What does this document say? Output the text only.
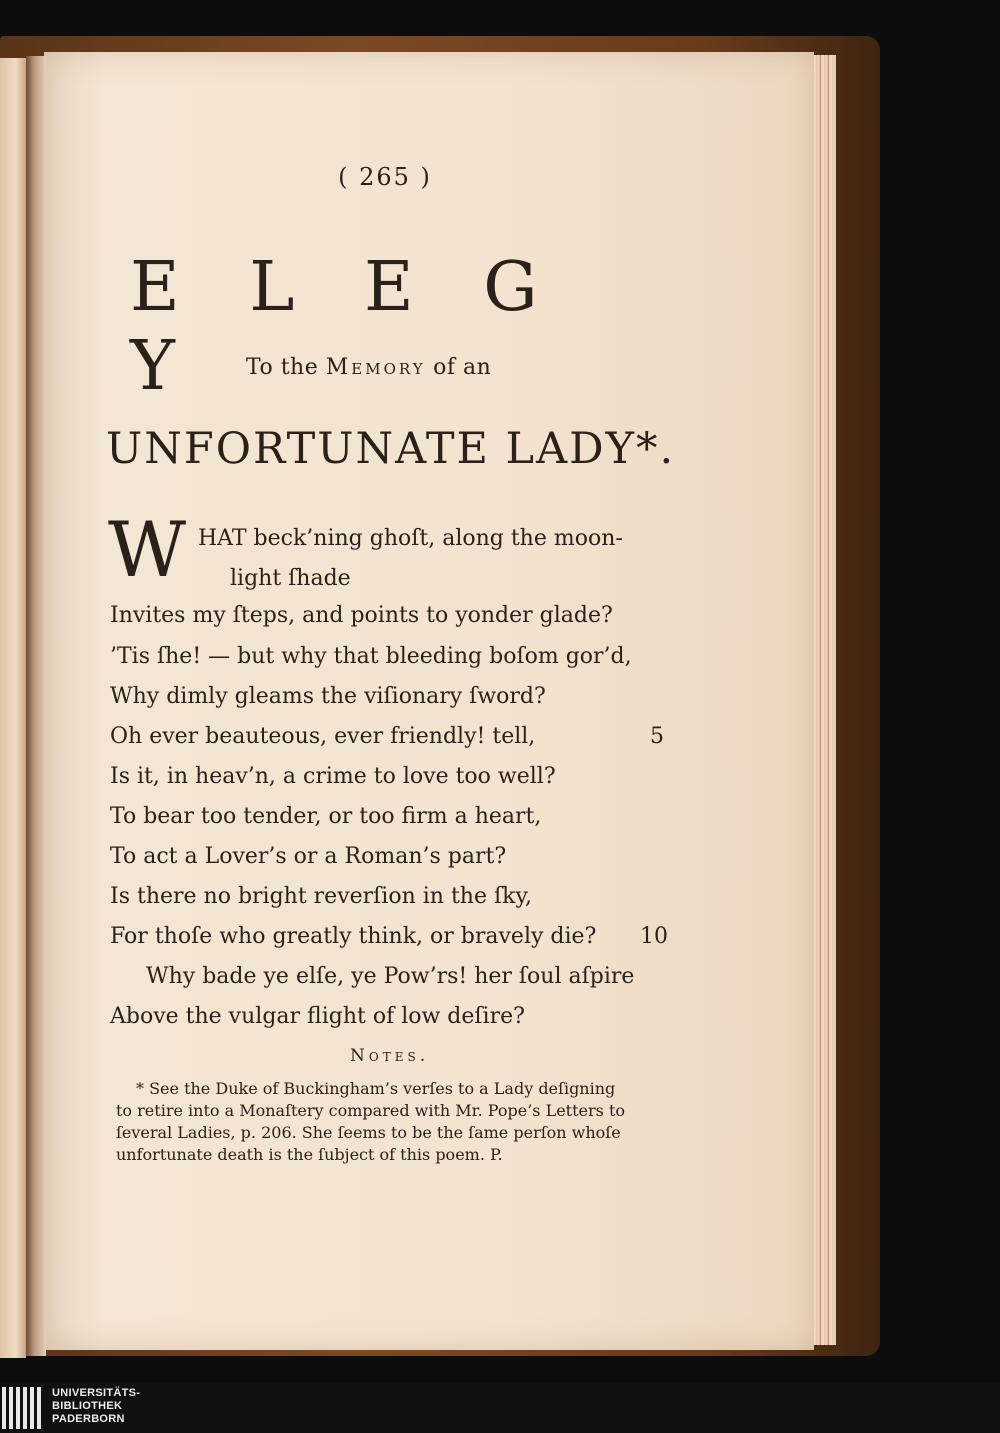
( 265 )
E L E G Y	To the Memory of an
UNFORTUNATE LADY*.
W HAT beck’ning ghoſt, along the moon-
light ſhade
Invites my ſteps, and points to yonder glade?
’Tis ſhe! — but why that bleeding boſom gor’d,
Why dimly gleams the viſionary ſword?
Oh ever beauteous, ever friendly! tell,	5
Is it, in heav’n, a crime to love too well?
To bear too tender, or too firm a heart,
To act a Lover’s or a Roman’s part?
Is there no bright reverſion in the ſky,
For thoſe who greatly think, or bravely die? 10
Why bade ye elſe, ye Pow’rs! her ſoul aſpire
Above the vulgar flight of low deſire?
Notes.
* See the Duke of Buckingham’s verſes to a Lady deſigning
to retire into a Monaſtery compared with Mr. Pope’s Letters to
ſeveral Ladies, p. 206. She ſeems to be the ſame perſon whoſe
unfortunate death is the ſubject of this poem. P.
UNIVERSITÄTS-
BIBLIOTHEK
PADERBORN
